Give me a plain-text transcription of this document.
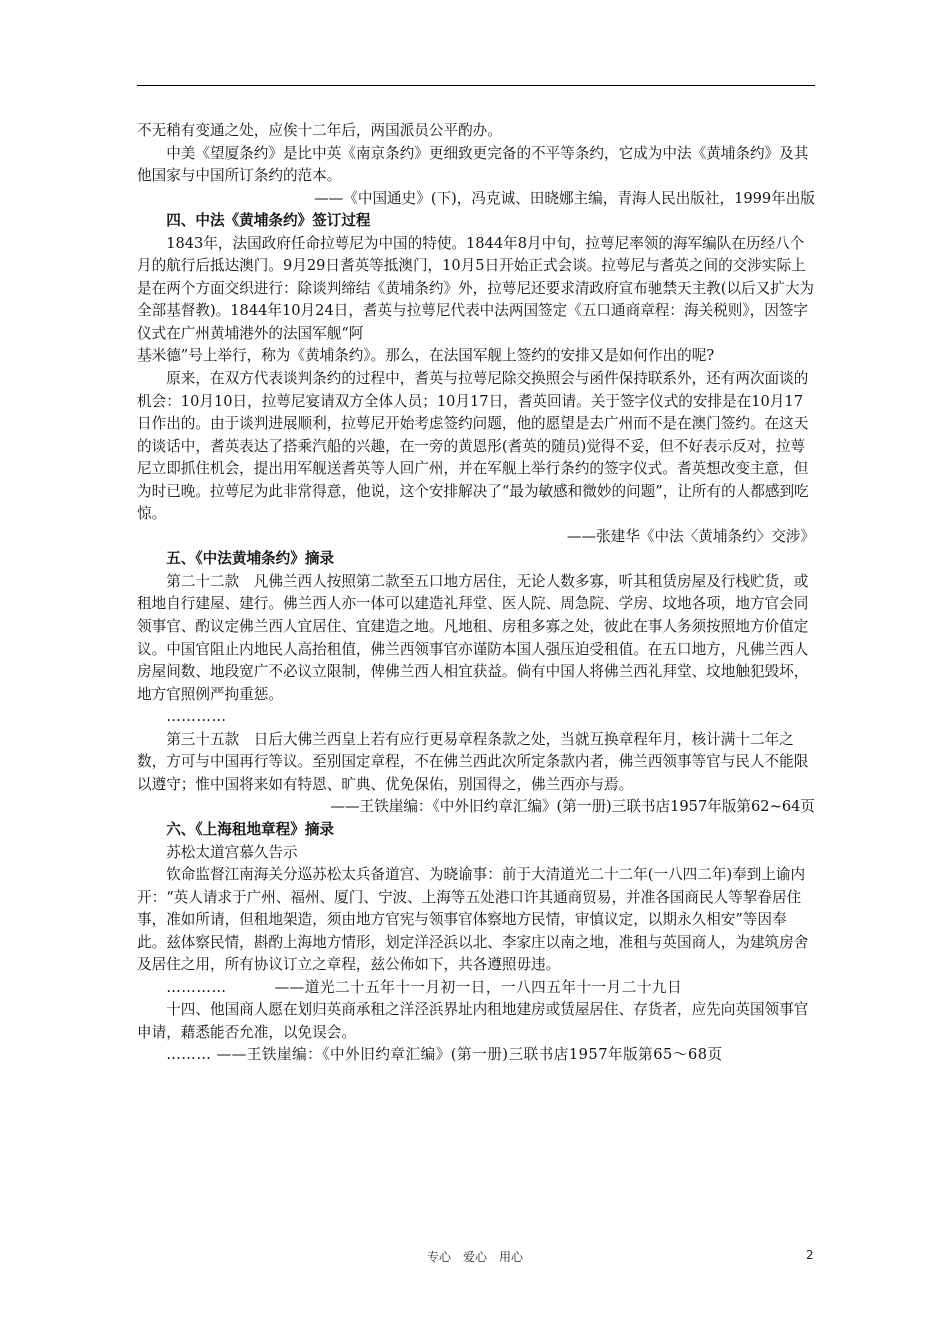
不无稍有变通之处，应俟十二年后，两国派员公平酌办。

中美《望厦条约》是比中英《南京条约》更细致更完备的不平等条约，它成为中法《黄埔条约》及其他国家与中国所订条约的范本。

——《中国通史》(下)，冯克诚、田晓娜主编，青海人民出版社，1999年出版

四、中法《黄埔条约》签订过程

1843年，法国政府任命拉萼尼为中国的特使。1844年8月中旬，拉萼尼率领的海军编队在历经八个月的航行后抵达澳门。9月29日耆英等抵澳门，10月5日开始正式会谈。拉萼尼与耆英之间的交涉实际上是在两个方面交织进行：除谈判缔结《黄埔条约》外，拉萼尼还要求清政府宣布驰禁天主教(以后又扩大为全部基督教)。1844年10月24日，耆英与拉萼尼代表中法两国签定《五口通商章程：海关税则》，因签字仪式在广州黄埔港外的法国军舰“阿

基米德”号上举行，称为《黄埔条约》。那么，在法国军舰上签约的安排又是如何作出的呢?

原来，在双方代表谈判条约的过程中，耆英与拉萼尼除交换照会与函件保持联系外，还有两次面谈的机会：10月10日，拉萼尼宴请双方全体人员；10月17日，耆英回请。关于签字仪式的安排是在10月17日作出的。由于谈判进展顺利，拉萼尼开始考虑签约问题，他的愿望是去广州而不是在澳门签约。在这天的谈话中，耆英表达了搭乘汽船的兴趣，在一旁的黄恩彤(耆英的随员)觉得不妥，但不好表示反对，拉萼尼立即抓住机会，提出用军舰送耆英等人回广州，并在军舰上举行条约的签字仪式。耆英想改变主意，但为时已晚。拉萼尼为此非常得意，他说，这个安排解决了“最为敏感和微妙的问题”，让所有的人都感到吃惊。

——张建华《中法〈黄埔条约〉交涉》

五、《中法黄埔条约》摘录

第二十二款　凡佛兰西人按照第二款至五口地方居住，无论人数多寡，听其租赁房屋及行栈贮货，或租地自行建屋、建行。佛兰西人亦一体可以建造礼拜堂、医人院、周急院、学房、坟地各项，地方官会同领事官、酌议定佛兰西人宜居住、宜建造之地。凡地租、房租多寡之处，彼此在事人务须按照地方价值定议。中国官阻止内地民人高抬租值，佛兰西领事官亦谨防本国人强压迫受租值。在五口地方，凡佛兰西人房屋间数、地段宽广不必议立限制，俾佛兰西人相宜获益。倘有中国人将佛兰西礼拜堂、坟地触犯毁坏，地方官照例严拘重惩。

…………

第三十五款　日后大佛兰西皇上若有应行更易章程条款之处，当就互换章程年月，核计满十二年之数，方可与中国再行等议。至别国定章程，不在佛兰西此次所定条款内者，佛兰西领事等官与民人不能限以遵守；惟中国将来如有特恩、旷典、优免保佑，别国得之，佛兰西亦与焉。

——王铁崖编：《中外旧约章汇编》(第一册)三联书店1957年版第62~64页

六、《上海租地章程》摘录

苏松太道宫慕久告示

钦命监督江南海关分巡苏松太兵备道宫、为晓谕事：前于大清道光二十二年(一八四二年)奉到上谕内开：“英人请求于广州、福州、厦门、宁波、上海等五处港口许其通商贸易，并准各国商民人等挈眷居住事，准如所请，但租地架造，须由地方官宪与领事官体察地方民情，审慎议定，以期永久相安”等因奉此。兹体察民情，斟酌上海地方情形，划定洋泾浜以北、李家庄以南之地，准租与英国商人，为建筑房舍及居住之用，所有协议订立之章程，兹公佈如下，共各遵照毋违。

…………	——道光二十五年十一月初一日，一八四五年十一月二十九日

十四、他国商人愿在划归英商承租之洋泾浜界址内租地建房或赁屋居住、存货者，应先向英国领事官申请，藉悉能否允准，以免误会。

……… ——王铁崖编：《中外旧约章汇编》(第一册)三联书店1957年版第65～68页

专心　爱心　用心	2
